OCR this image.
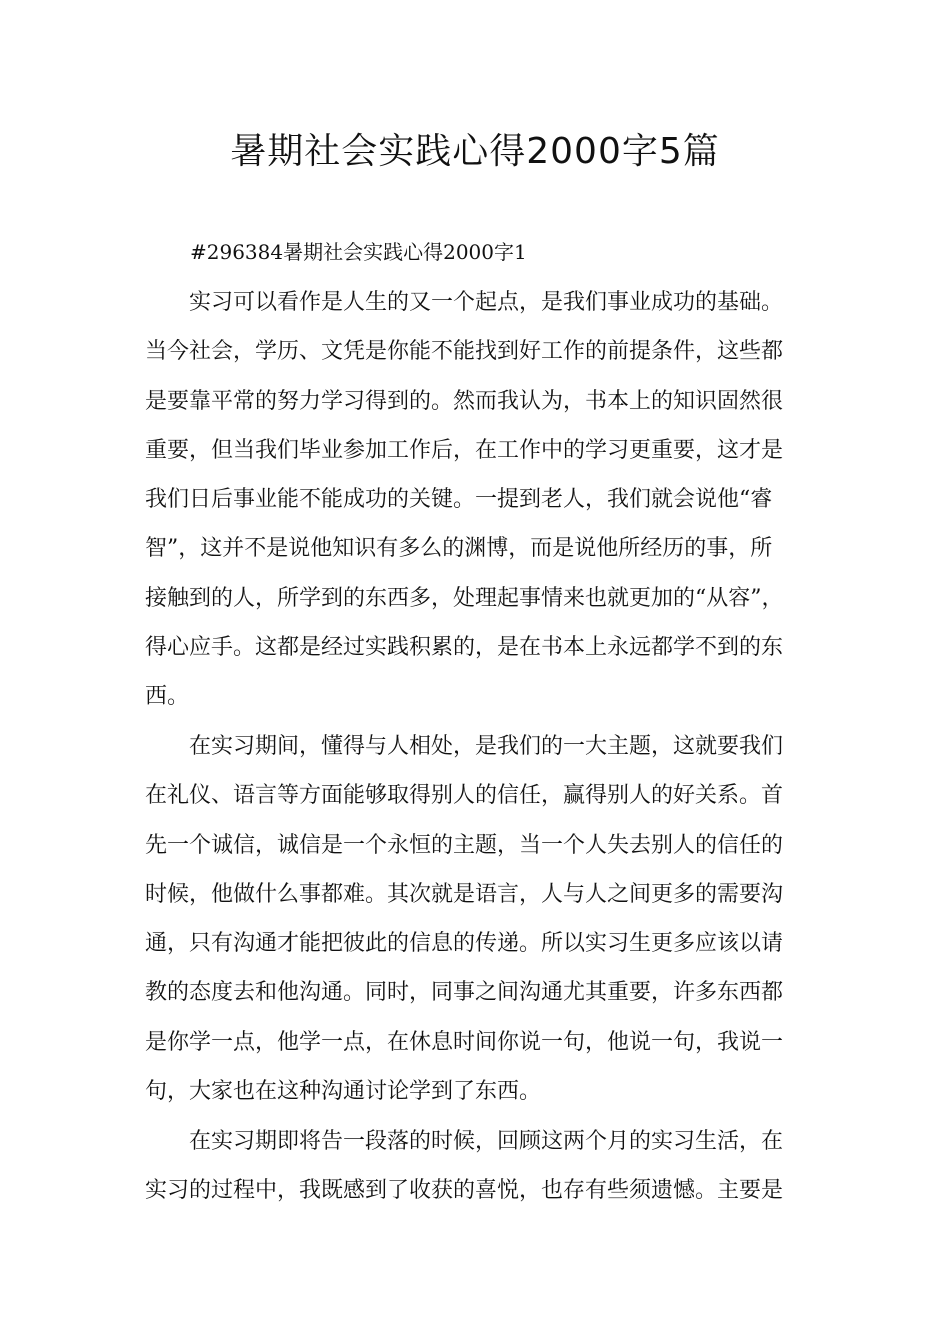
暑期社会实践心得2000字5篇

#296384暑期社会实践心得2000字1

实习可以看作是人生的又一个起点，是我们事业成功的基础。
当今社会，学历、文凭是你能不能找到好工作的前提条件，这些都
是要靠平常的努力学习得到的。然而我认为，书本上的知识固然很
重要，但当我们毕业参加工作后，在工作中的学习更重要，这才是
我们日后事业能不能成功的关键。一提到老人，我们就会说他“睿
智”，这并不是说他知识有多么的渊博，而是说他所经历的事，所
接触到的人，所学到的东西多，处理起事情来也就更加的“从容”，
得心应手。这都是经过实践积累的，是在书本上永远都学不到的东
西。
在实习期间，懂得与人相处，是我们的一大主题，这就要我们
在礼仪、语言等方面能够取得别人的信任，赢得别人的好关系。首
先一个诚信，诚信是一个永恒的主题，当一个人失去别人的信任的
时候，他做什么事都难。其次就是语言，人与人之间更多的需要沟
通，只有沟通才能把彼此的信息的传递。所以实习生更多应该以请
教的态度去和他沟通。同时，同事之间沟通尤其重要，许多东西都
是你学一点，他学一点，在休息时间你说一句，他说一句，我说一
句，大家也在这种沟通讨论学到了东西。
在实习期即将告一段落的时候，回顾这两个月的实习生活，在
实习的过程中，我既感到了收获的喜悦，也存有些须遗憾。主要是
